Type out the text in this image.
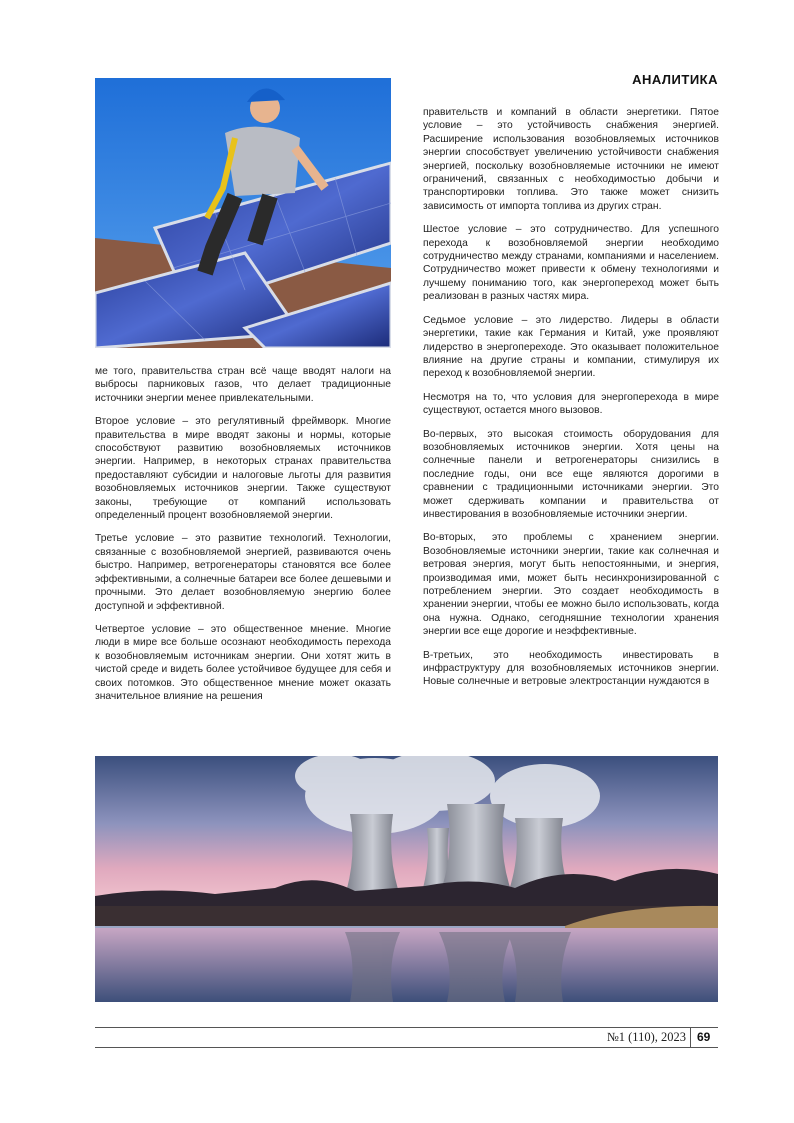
АНАЛИТИКА

ме того, правительства стран всё чаще вводят налоги на выбросы парниковых газов, что делает традиционные источники энергии менее привлекательными.

Второе условие – это регулятивный фреймворк. Многие правительства в мире вводят законы и нормы, которые способствуют развитию возобновляемых источников энергии. Например, в некоторых странах правительства предоставляют субсидии и налоговые льготы для развития возобновляемых источников энергии. Также существуют законы, требующие от компаний использовать определенный процент возобновляемой энергии.

Третье условие – это развитие технологий. Технологии, связанные с возобновляемой энергией, развиваются очень быстро. Например, ветрогенераторы становятся все более эффективными, а солнечные батареи все более дешевыми и прочными. Это делает возобновляемую энергию более доступной и эффективной.

Четвертое условие – это общественное мнение. Многие люди в мире все больше осознают необходимость перехода к возобновляемым источникам энергии. Они хотят жить в чистой среде и видеть более устойчивое будущее для себя и своих потомков. Это общественное мнение может оказать значительное влияние на решения

правительств и компаний в области энергетики. Пятое условие – это устойчивость снабжения энергией. Расширение использования возобновляемых источников энергии способствует увеличению устойчивости снабжения энергией, поскольку возобновляемые источники не имеют ограничений, связанных с необходимостью добычи и транспортировки топлива. Это также может снизить зависимость от импорта топлива из других стран.

Шестое условие – это сотрудничество. Для успешного перехода к возобновляемой энергии необходимо сотрудничество между странами, компаниями и населением. Сотрудничество может привести к обмену технологиями и лучшему пониманию того, как энергопереход может быть реализован в разных частях мира.

Седьмое условие – это лидерство. Лидеры в области энергетики, такие как Германия и Китай, уже проявляют лидерство в энергопереходе. Это оказывает положительное влияние на другие страны и компании, стимулируя их переход к возобновляемой энергии.

Несмотря на то, что условия для энергоперехода в мире существуют, остается много вызовов.

Во-первых, это высокая стоимость оборудования для возобновляемых источников энергии. Хотя цены на солнечные панели и ветрогенераторы снизились в последние годы, они все еще являются дорогими в сравнении с традиционными источниками энергии. Это может сдерживать компании и правительства от инвестирования в возобновляемые источники энергии.

Во-вторых, это проблемы с хранением энергии. Возобновляемые источники энергии, такие как солнечная и ветровая энергия, могут быть непостоянными, и энергия, производимая ими, может быть несинхронизированной с потреблением энергии. Это создает необходимость в хранении энергии, чтобы ее можно было использовать, когда она нужна. Однако, сегодняшние технологии хранения энергии все еще дорогие и неэффективные.

В-третьих, это необходимость инвестировать в инфраструктуру для возобновляемых источников энергии. Новые солнечные и ветровые электростанции нуждаются в

№1 (110), 2023 69
